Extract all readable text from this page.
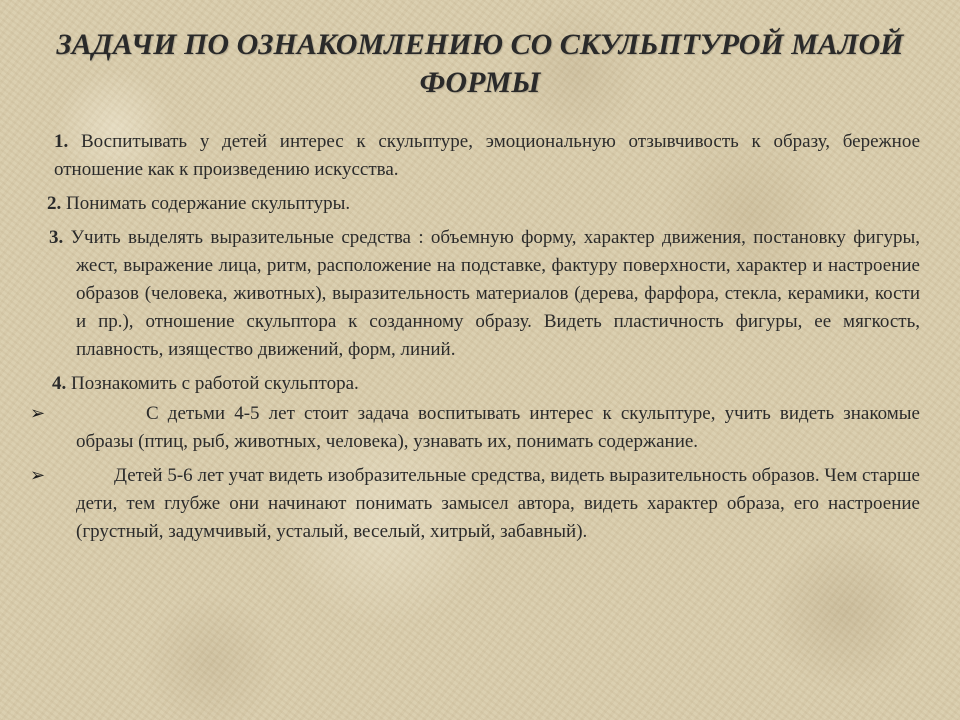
ЗАДАЧИ ПО ОЗНАКОМЛЕНИЮ СО СКУЛЬПТУРОЙ МАЛОЙ ФОРМЫ

1. Воспитывать у детей интерес к скульптуре, эмоциональную отзывчивость к образу, бережное отношение как к произведению искусства.

2. Понимать содержание скульптуры.

3. Учить выделять выразительные средства : объемную форму, характер движения, постановку фигуры, жест, выражение лица, ритм, расположение на подставке, фактуру поверхности, характер и настроение образов (человека, животных), выразительность материалов (дерева, фарфора, стекла, керамики, кости и пр.), отношение скульптора к созданному образу. Видеть пластичность фигуры, ее мягкость, плавность, изящество движений, форм, линий.

4. Познакомить с работой скульптора.

➢	С детьми 4-5 лет стоит задача воспитывать интерес к скульптуре, учить видеть знакомые образы (птиц, рыб, животных, человека), узнавать их, понимать содержание.
➢	Детей 5-6 лет учат видеть изобразительные средства, видеть выразительность образов. Чем старше дети, тем глубже они начинают понимать замысел автора, видеть характер образа, его настроение (грустный, задумчивый, усталый, веселый, хитрый, забавный).
